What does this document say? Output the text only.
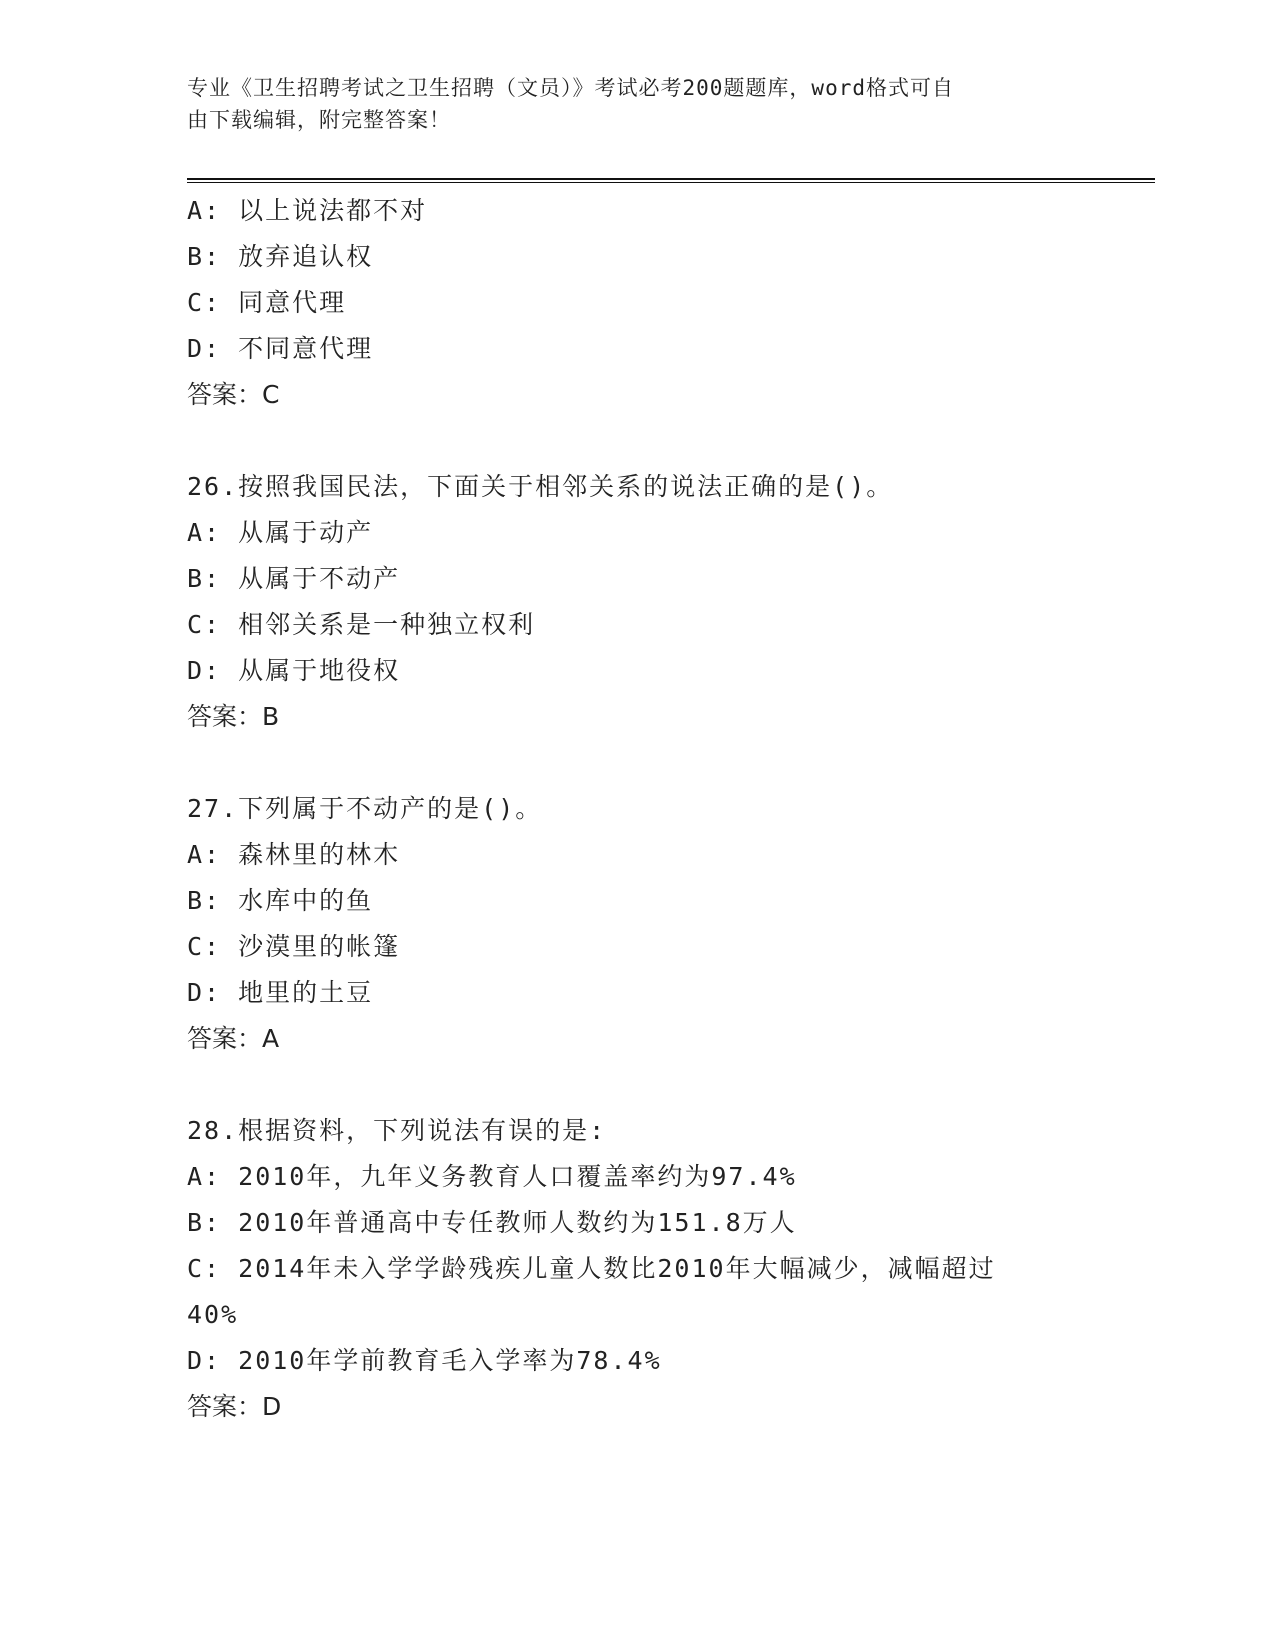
专业《卫生招聘考试之卫生招聘（文员）》考试必考200题题库，word格式可自
由下载编辑，附完整答案！
A: 以上说法都不对
B: 放弃追认权
C: 同意代理
D: 不同意代理
答案：C
26.按照我国民法，下面关于相邻关系的说法正确的是()。
A: 从属于动产
B: 从属于不动产
C: 相邻关系是一种独立权利
D: 从属于地役权
答案：B
27.下列属于不动产的是()。
A: 森林里的林木
B: 水库中的鱼
C: 沙漠里的帐篷
D: 地里的土豆
答案：A
28.根据资料，下列说法有误的是:
A: 2010年，九年义务教育人口覆盖率约为97.4%
B: 2010年普通高中专任教师人数约为151.8万人
C: 2014年未入学学龄残疾儿童人数比2010年大幅减少，减幅超过
40%
D: 2010年学前教育毛入学率为78.4%
答案：D
